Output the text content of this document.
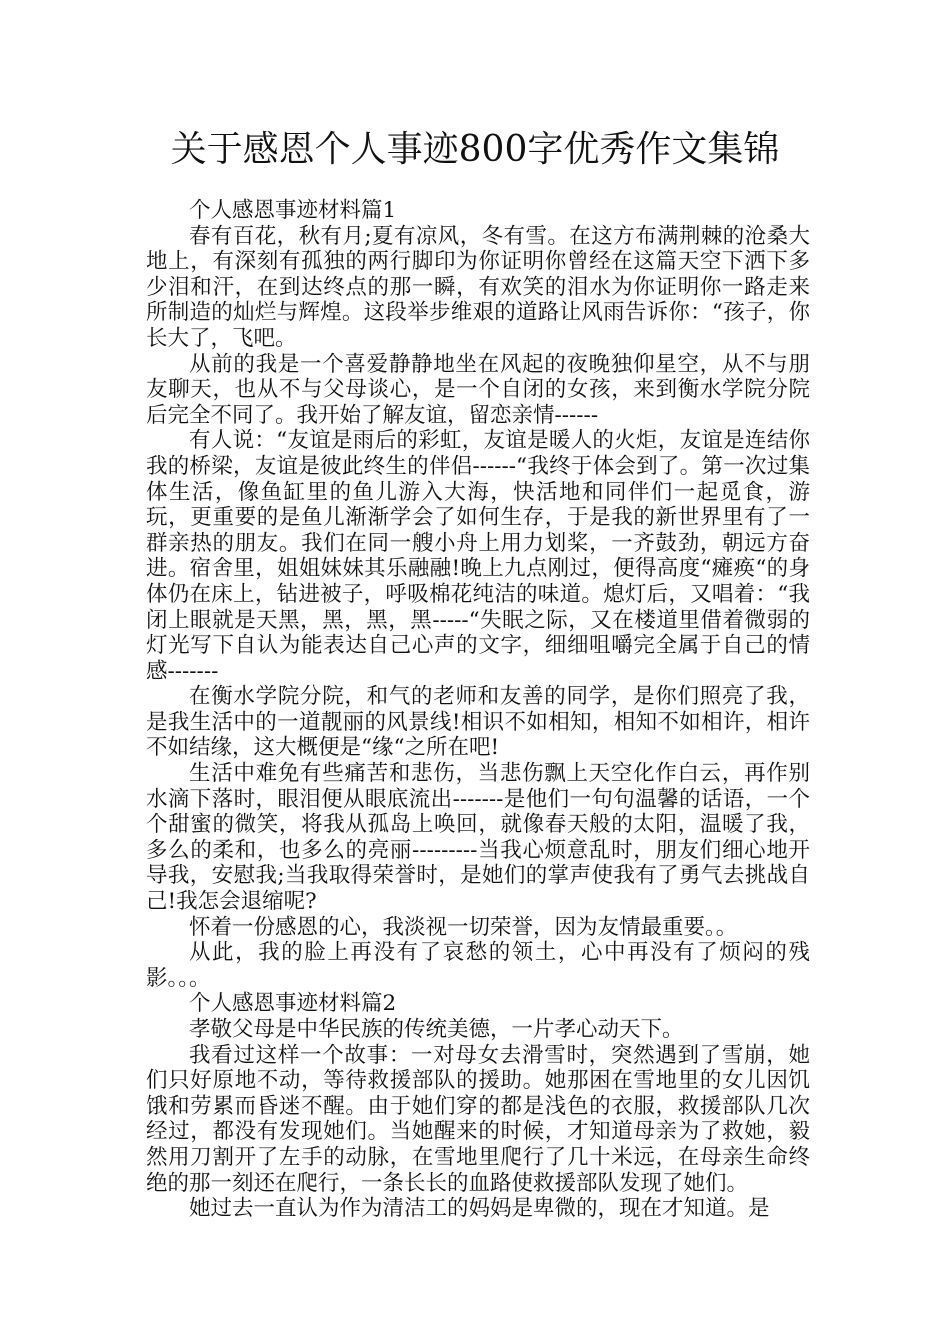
关于感恩个人事迹800字优秀作文集锦

个人感恩事迹材料篇1

春有百花，秋有月;夏有凉风，冬有雪。在这方布满荆棘的沧桑大地上，有深刻有孤独的两行脚印为你证明你曾经在这篇天空下洒下多少泪和汗，在到达终点的那一瞬，有欢笑的泪水为你证明你一路走来所制造的灿烂与辉煌。这段举步维艰的道路让风雨告诉你：“孩子，你长大了，飞吧。

从前的我是一个喜爱静静地坐在风起的夜晚独仰星空，从不与朋友聊天，也从不与父母谈心，是一个自闭的女孩，来到衡水学院分院后完全不同了。我开始了解友谊，留恋亲情------

有人说：“友谊是雨后的彩虹，友谊是暖人的火炬，友谊是连结你我的桥梁，友谊是彼此终生的伴侣------“我终于体会到了。第一次过集体生活，像鱼缸里的鱼儿游入大海，快活地和同伴们一起觅食，游玩，更重要的是鱼儿渐渐学会了如何生存，于是我的新世界里有了一群亲热的朋友。我们在同一艘小舟上用力划桨，一齐鼓劲，朝远方奋进。宿舍里，姐姐妹妹其乐融融!晚上九点刚过，便得高度“瘫痪“的身体仍在床上，钻进被子，呼吸棉花纯洁的味道。熄灯后，又唱着：“我闭上眼就是天黑，黑，黑，黑-----“失眠之际，又在楼道里借着微弱的灯光写下自认为能表达自己心声的文字，细细咀嚼完全属于自己的情感-------

在衡水学院分院，和气的老师和友善的同学，是你们照亮了我，是我生活中的一道靓丽的风景线!相识不如相知，相知不如相许，相许不如结缘，这大概便是“缘“之所在吧!

生活中难免有些痛苦和悲伤，当悲伤飘上天空化作白云，再作别水滴下落时，眼泪便从眼底流出-------是他们一句句温馨的话语，一个个甜蜜的微笑，将我从孤岛上唤回，就像春天般的太阳，温暖了我，多么的柔和，也多么的亮丽---------当我心烦意乱时，朋友们细心地开导我，安慰我;当我取得荣誉时，是她们的掌声使我有了勇气去挑战自己!我怎会退缩呢?

怀着一份感恩的心，我淡视一切荣誉，因为友情最重要。。

从此，我的脸上再没有了哀愁的领土，心中再没有了烦闷的残影。。。

个人感恩事迹材料篇2

孝敬父母是中华民族的传统美德，一片孝心动天下。

我看过这样一个故事：一对母女去滑雪时，突然遇到了雪崩，她们只好原地不动，等待救援部队的援助。她那困在雪地里的女儿因饥饿和劳累而昏迷不醒。由于她们穿的都是浅色的衣服，救援部队几次经过，都没有发现她们。当她醒来的时候，才知道母亲为了救她，毅然用刀割开了左手的动脉，在雪地里爬行了几十米远，在母亲生命终绝的那一刻还在爬行，一条长长的血路使救援部队发现了她们。

她过去一直认为作为清洁工的妈妈是卑微的，现在才知道。是
